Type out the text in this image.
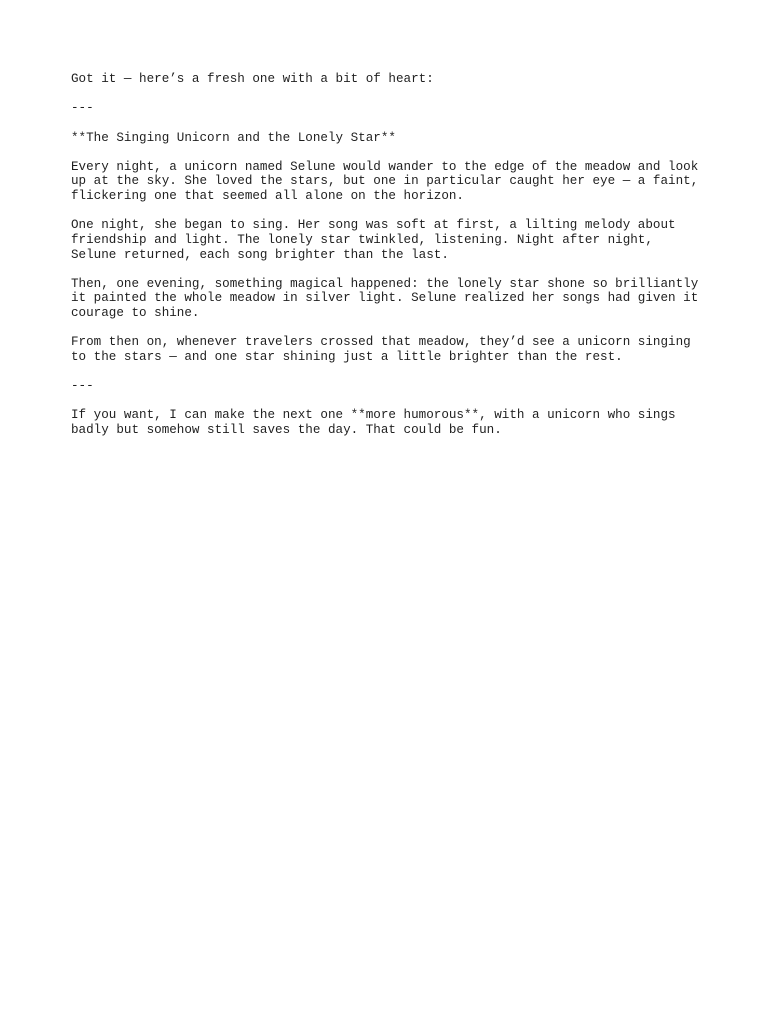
Got it — here’s a fresh one with a bit of heart:
---
**The Singing Unicorn and the Lonely Star**
Every night, a unicorn named Selune would wander to the edge of the meadow and look
up at the sky. She loved the stars, but one in particular caught her eye — a faint,
flickering one that seemed all alone on the horizon.
One night, she began to sing. Her song was soft at first, a lilting melody about
friendship and light. The lonely star twinkled, listening. Night after night,
Selune returned, each song brighter than the last.
Then, one evening, something magical happened: the lonely star shone so brilliantly
it painted the whole meadow in silver light. Selune realized her songs had given it
courage to shine.
From then on, whenever travelers crossed that meadow, they’d see a unicorn singing
to the stars — and one star shining just a little brighter than the rest.
---
If you want, I can make the next one **more humorous**, with a unicorn who sings
badly but somehow still saves the day. That could be fun.
